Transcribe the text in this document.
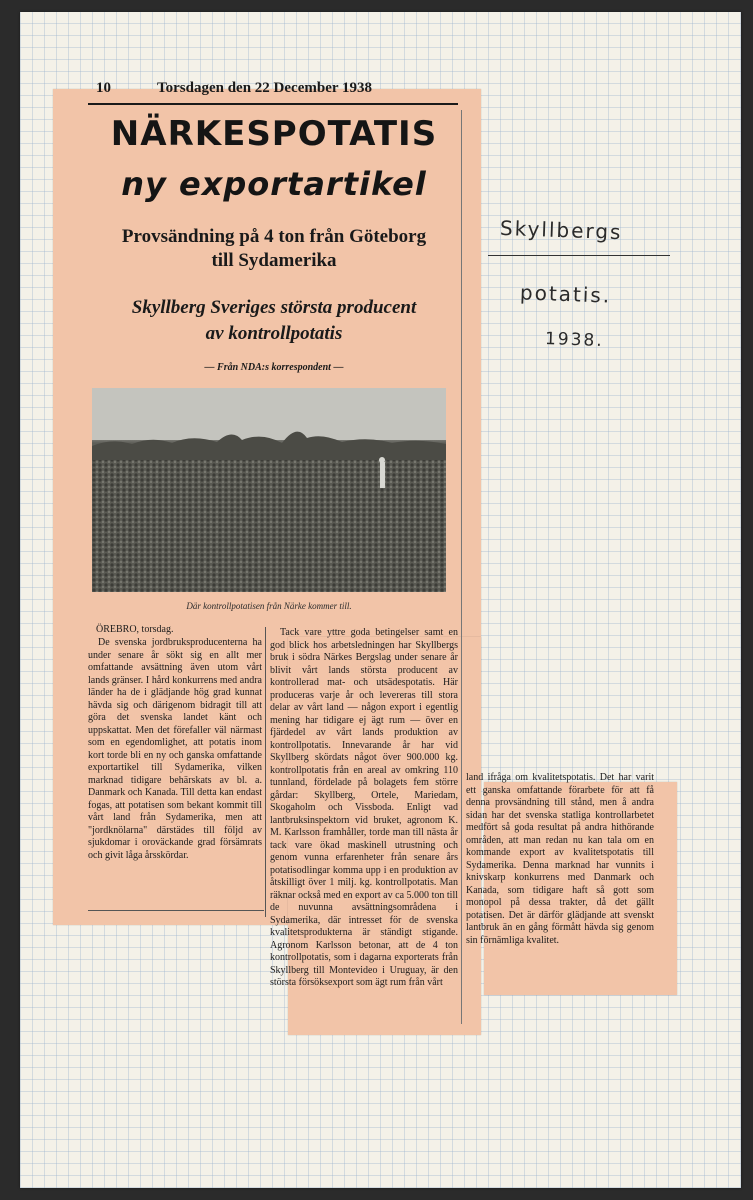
10	Torsdagen den 22 December 1938
NÄRKESPOTATIS
ny exportartikel
Provsändning på 4 ton från Göteborg
till Sydamerika
Skyllberg Sveriges största producent
av kontrollpotatis
— Från NDA:s korrespondent —
Där kontrollpotatisen från Närke kommer till.
ÖREBRO, torsdag.
De svenska jordbruksproducenterna ha under senare år sökt sig en allt mer omfattande avsättning även utom vårt lands gränser. I hård konkurrens med andra länder ha de i glädjande hög grad kunnat hävda sig och därigenom bidragit till att göra det svenska landet känt och uppskattat. Men det förefaller väl närmast som en egendomlighet, att potatis inom kort torde bli en ny och ganska omfattande exportartikel till Sydamerika, vilken marknad tidigare behärskats av bl. a. Danmark och Kanada. Till detta kan endast fogas, att potatisen som bekant kommit till vårt land från Sydamerika, men att "jordknölarna" därstädes till följd av sjukdomar i oroväckande grad försämrats och givit låga årsskördar.
Tack vare yttre goda betingelser samt en god blick hos arbetsledningen har Skyllbergs bruk i södra Närkes Bergslag under senare år blivit vårt lands största producent av kontrollerad mat- och utsädespotatis. Här produceras varje år och levereras till stora delar av vårt land — någon export i egentlig mening har tidigare ej ägt rum — över en fjärdedel av vårt lands produktion av kontrollpotatis. Innevarande år har vid Skyllberg skördats något över 900.000 kg. kontrollpotatis från en areal av omkring 110 tunnland, fördelade på bolagets fem större gårdar: Skyllberg, Ortele, Mariedam, Skogaholm och Vissboda. Enligt vad lantbruksinspektorn vid bruket, agronom K. M. Karlsson framhåller, torde man till nästa år tack vare ökad maskinell utrustning och genom vunna erfarenheter från senare års potatisodlingar komma upp i en produktion av åtskilligt över 1 milj. kg. kontrollpotatis. Man räknar också med en export av ca 5.000 ton till de nuvunna avsättningsområdena i Sydamerika, där intresset för de svenska kvalitetsprodukterna är ständigt stigande. Agronom Karlsson betonar, att de 4 ton kontrollpotatis, som i dagarna exporterats från Skyllberg till Montevideo i Uruguay, är den största försöksexport som ägt rum från vårt
land ifråga om kvalitetspotatis. Det har varit ett ganska omfattande förarbete för att få denna provsändning till stånd, men å andra sidan har det svenska statliga kontrollarbetet medfört så goda resultat på andra hithörande områden, att man redan nu kan tala om en kommande export av kvalitetspotatis till Sydamerika. Denna marknad har vunnits i knivskarp konkurrens med Danmark och Kanada, som tidigare haft så gott som monopol på dessa trakter, då det gällt potatisen. Det är därför glädjande att svenskt lantbruk än en gång förmått hävda sig genom sin förnämliga kvalitet.
Skyllbergs
potatis.
1938.
